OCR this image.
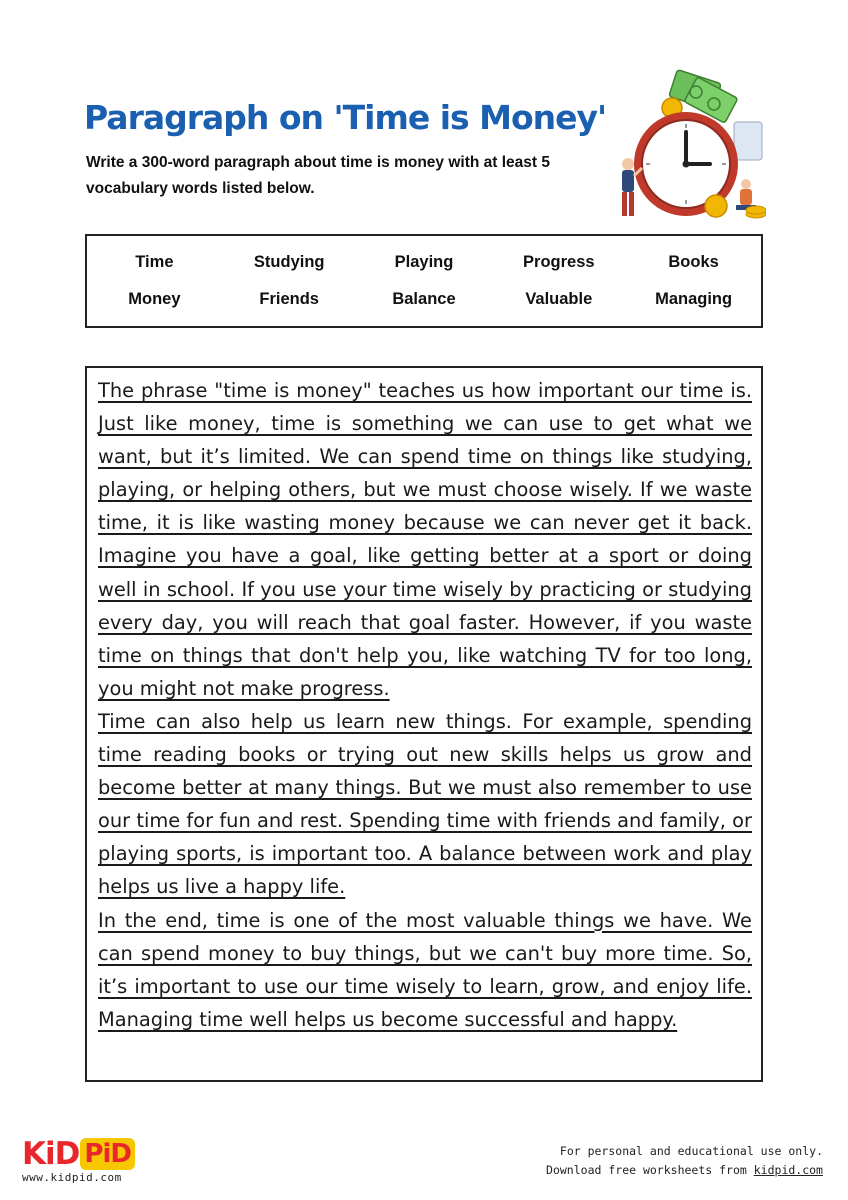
Paragraph on 'Time is Money'

Write a 300-word paragraph about time is money with at least 5 vocabulary words listed below.

Time	Studying	Playing	Progress	Books
Money	Friends	Balance	Valuable	Managing

The phrase "time is money" teaches us how important our time is. Just like money, time is something we can use to get what we want, but it’s limited. We can spend time on things like studying, playing, or helping others, but we must choose wisely. If we waste time, it is like wasting money because we can never get it back. Imagine you have a goal, like getting better at a sport or doing well in school. If you use your time wisely by practicing or studying every day, you will reach that goal faster. However, if you waste time on things that don't help you, like watching TV for too long, you might not make progress.

Time can also help us learn new things. For example, spending time reading books or trying out new skills helps us grow and become better at many things. But we must also remember to use our time for fun and rest. Spending time with friends and family, or playing sports, is important too. A balance between work and play helps us live a happy life.

In the end, time is one of the most valuable things we have. We can spend money to buy things, but we can't buy more time. So, it’s important to use our time wisely to learn, grow, and enjoy life. Managing time well helps us become successful and happy.

KiD PiD
www.kidpid.com
For personal and educational use only.
Download free worksheets from kidpid.com
